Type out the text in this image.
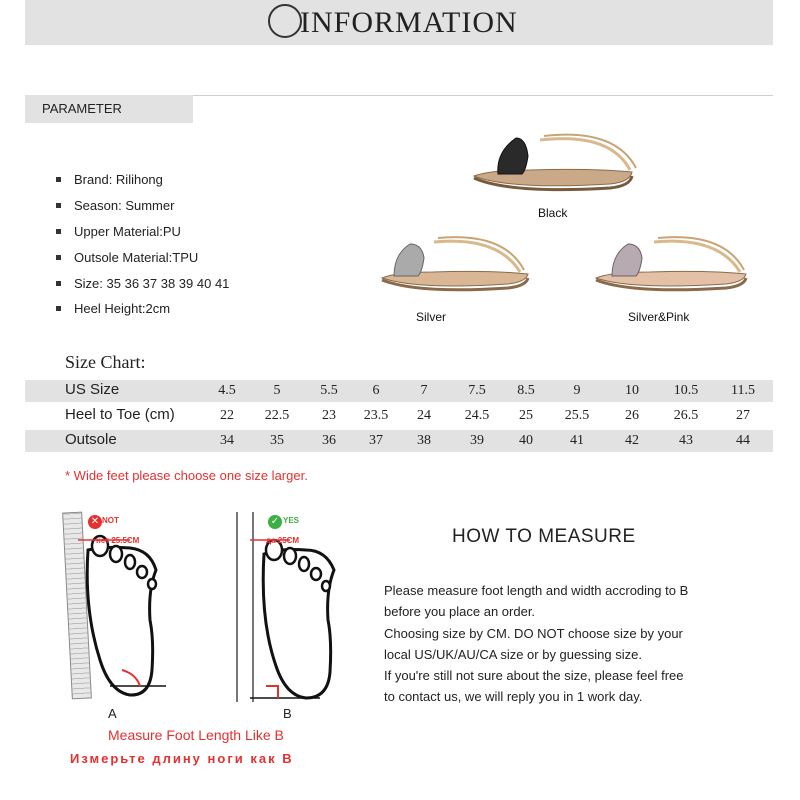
INFORMATION
PARAMETER
Brand: Rilihong
Season: Summer
Upper Material:PU
Outsole Material:TPU
Size: 35 36 37 38 39 40 41
Heel Height:2cm
Black
Silver	Silver&Pink
Size Chart:
US Size	4.5	5	5.5	6	7	7.5	8.5	9	10	10.5	11.5
Heel to Toe (cm)	22	22.5	23	23.5	24	24.5	25	25.5	26	26.5	27
Outsole	34	35	36	37	38	39	40	41	42	43	44
* Wide feet please choose one size larger.
✕ NOT
нет 25.5CM
A
✓ YES
да 25CM
B
Measure Foot Length Like B
Измерьте длину ноги как B
HOW TO MEASURE
Please measure foot length and width accroding to B
before you place an order.
Choosing size by CM. DO NOT choose size by your
local US/UK/AU/CA size or by guessing size.
If you're still not sure about the size, please feel free
to contact us, we will reply you in 1 work day.
